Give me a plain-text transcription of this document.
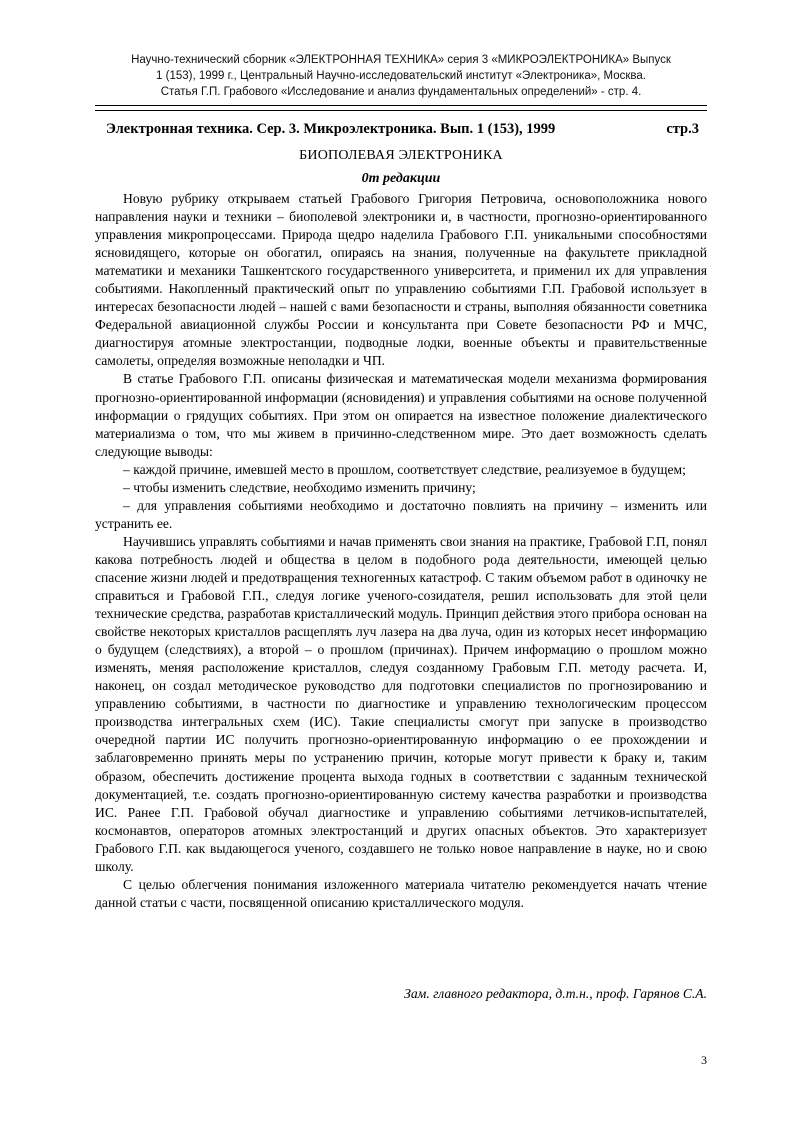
Научно-технический сборник «ЭЛЕКТРОННАЯ ТЕХНИКА» серия 3 «МИКРОЭЛЕКТРОНИКА» Выпуск
1 (153), 1999 г., Центральный Научно-исследовательский институт «Электроника», Москва.
Статья Г.П. Грабового «Исследование и анализ фундаментальных определений» - стр. 4.
Электронная техника. Сер. 3. Микроэлектроника. Вып. 1 (153), 1999	стр.3
БИОПОЛЕВАЯ ЭЛЕКТРОНИКА
0т редакции

Новую рубрику открываем статьей Грабового Григория Петровича, основоположника нового направления науки и техники – биополевой электроники и, в частности, прогнозно-ориентированного управления микропроцессами. Природа щедро наделила Грабового Г.П. уникальными способностями ясновидящего, которые он обогатил, опираясь на знания, полученные на факультете прикладной математики и механики Ташкентского государственного университета, и применил их для управления событиями. Накопленный практический опыт по управлению событиями Г.П. Грабовой использует в интересах безопасности людей – нашей с вами безопасности и страны, выполняя обязанности советника Федеральной авиационной службы России и консультанта при Совете безопасности РФ и МЧС, диагностируя атомные электростанции, подводные лодки, военные объекты и правительственные самолеты, определяя возможные неполадки и ЧП.

В статье Грабового Г.П. описаны физическая и математическая модели механизма формирования прогнозно-ориентированной информации (ясновидения) и управления событиями на основе полученной информации о грядущих событиях. При этом он опирается на известное положение диалектического материализма о том, что мы живем в причинно-следственном мире. Это дает возможность сделать следующие выводы:

– каждой причине, имевшей место в прошлом, соответствует следствие, реализуемое в будущем;

– чтобы изменить следствие, необходимо изменить причину;

– для управления событиями необходимо и достаточно повлиять на причину – изменить или устранить ее.

Научившись управлять событиями и начав применять свои знания на практике, Грабовой Г.П, понял какова потребность людей и общества в целом в подобного рода деятельности, имеющей целью спасение жизни людей и предотвращения техногенных катастроф. С таким объемом работ в одиночку не справиться и Грабовой Г.П., следуя логике ученого-созидателя, решил использовать для этой цели технические средства, разработав кристаллический модуль. Принцип действия этого прибора основан на свойстве некоторых кристаллов расщеплять луч лазера на два луча, один из которых несет информацию о будущем (следствиях), а второй – о прошлом (причинах). Причем информацию о прошлом можно изменять, меняя расположение кристаллов, следуя созданному Грабовым Г.П. методу расчета. И, наконец, он создал методическое руководство для подготовки специалистов по прогнозированию и управлению событиями, в частности по диагностике и управлению технологическим процессом производства интегральных схем (ИС). Такие специалисты смогут при запуске в производство очередной партии ИС получить прогнозно-ориентированную информацию о ее прохождении и заблаговременно принять меры по устранению причин, которые могут привести к браку и, таким образом, обеспечить достижение процента выхода годных в соответствии с заданным технической документацией, т.е. создать прогнозно-ориентированную систему качества разработки и производства ИС. Ранее Г.П. Грабовой обучал диагностике и управлению событиями летчиков-испытателей, космонавтов, операторов атомных электростанций и других опасных объектов. Это характеризует Грабового Г.П. как выдающегося ученого, создавшего не только новое направление в науке, но и свою школу.

С целью облегчения понимания изложенного материала читателю рекомендуется начать чтение данной статьи с части, посвященной описанию кристаллического модуля.

Зам. главного редактора, д.т.н., проф. Гарянов С.А.
3
